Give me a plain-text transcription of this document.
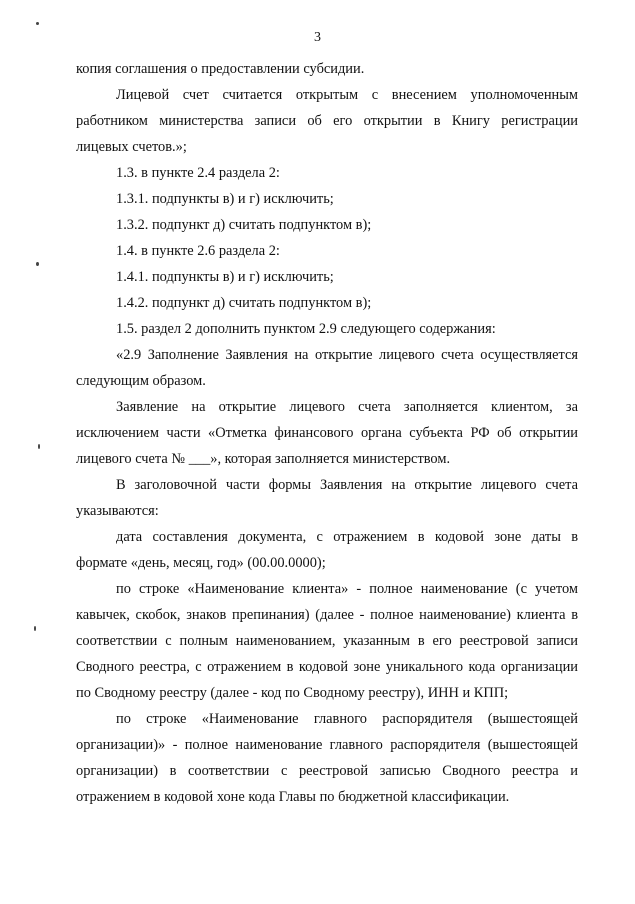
3
копия соглашения о предоставлении субсидии.
Лицевой счет считается открытым с внесением уполномоченным
работником министерства записи об его открытии в Книгу регистрации
лицевых счетов.»;
1.3. в пункте 2.4 раздела 2:
1.3.1. подпункты в) и г) исключить;
1.3.2. подпункт д) считать подпунктом в);
1.4. в пункте 2.6 раздела 2:
1.4.1. подпункты в) и г) исключить;
1.4.2. подпункт д) считать подпунктом в);
1.5. раздел 2 дополнить пунктом 2.9 следующего содержания:
«2.9 Заполнение Заявления на открытие лицевого счета осуществляется
следующим образом.
Заявление на открытие лицевого счета заполняется клиентом, за
исключением части «Отметка финансового органа субъекта РФ об открытии
лицевого счета № ___», которая заполняется министерством.
В заголовочной части формы Заявления на открытие лицевого счета
указываются:
дата составления документа, с отражением в кодовой зоне даты в
формате «день, месяц, год» (00.00.0000);
по строке «Наименование клиента» - полное наименование (с учетом
кавычек, скобок, знаков препинания) (далее - полное наименование) клиента в
соответствии с полным наименованием, указанным в его реестровой записи
Сводного реестра, с отражением в кодовой зоне уникального кода организации
по Сводному реестру (далее - код по Сводному реестру), ИНН и КПП;
по строке «Наименование главного распорядителя (вышестоящей
организации)» - полное наименование главного распорядителя (вышестоящей
организации) в соответствии с реестровой записью Сводного реестра и
отражением в кодовой хоне кода Главы по бюджетной классификации.
